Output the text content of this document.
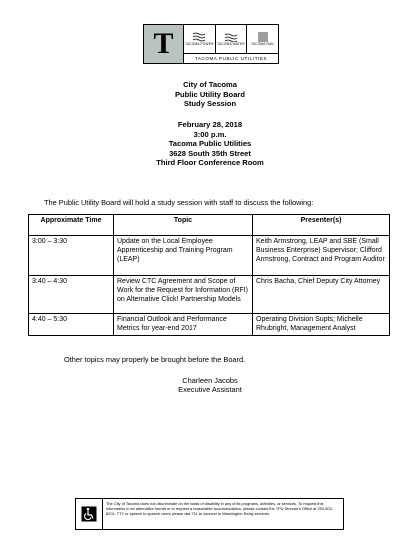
T	TACOMA POWER TACOMA WATER TACOMA RAIL
TACOMA PUBLIC UTILITIES
City of Tacoma
Public Utility Board
Study Session
February 28, 2018
3:00 p.m.
Tacoma Public Utilities
3628 South 35th Street
Third Floor Conference Room
The Public Utility Board will hold a study session with staff to discuss the following:
Approximate Time	Topic	Presenter(s)
3:00 – 3:30	Update on the Local Employee Apprenticeship and Training Program (LEAP)	Keith Armstrong, LEAP and SBE (Small Business Enterprise) Supervisor; Clifford Armstrong, Contract and Program Auditor
3:40 – 4:30	Review CTC Agreement and Scope of Work for the Request for Information (RFI) on Alternative Click! Partnership Models	Chris Bacha, Chief Deputy City Attorney
4:40 – 5:30	Financial Outlook and Performance Metrics for year-end 2017	Operating Division Supts; Michelle Rhubright, Management Analyst
Other topics may properly be brought before the Board.
Charleen Jacobs
Executive Assistant
The City of Tacoma does not discriminate on the basis of disability in any of its programs, activities, or services. To request this information in an alternative format or to request a reasonable accommodation, please contact the TPU Director's Office at 253-502-8201. TTY or speech to speech users please dial 711 to connect to Washington Relay services.
